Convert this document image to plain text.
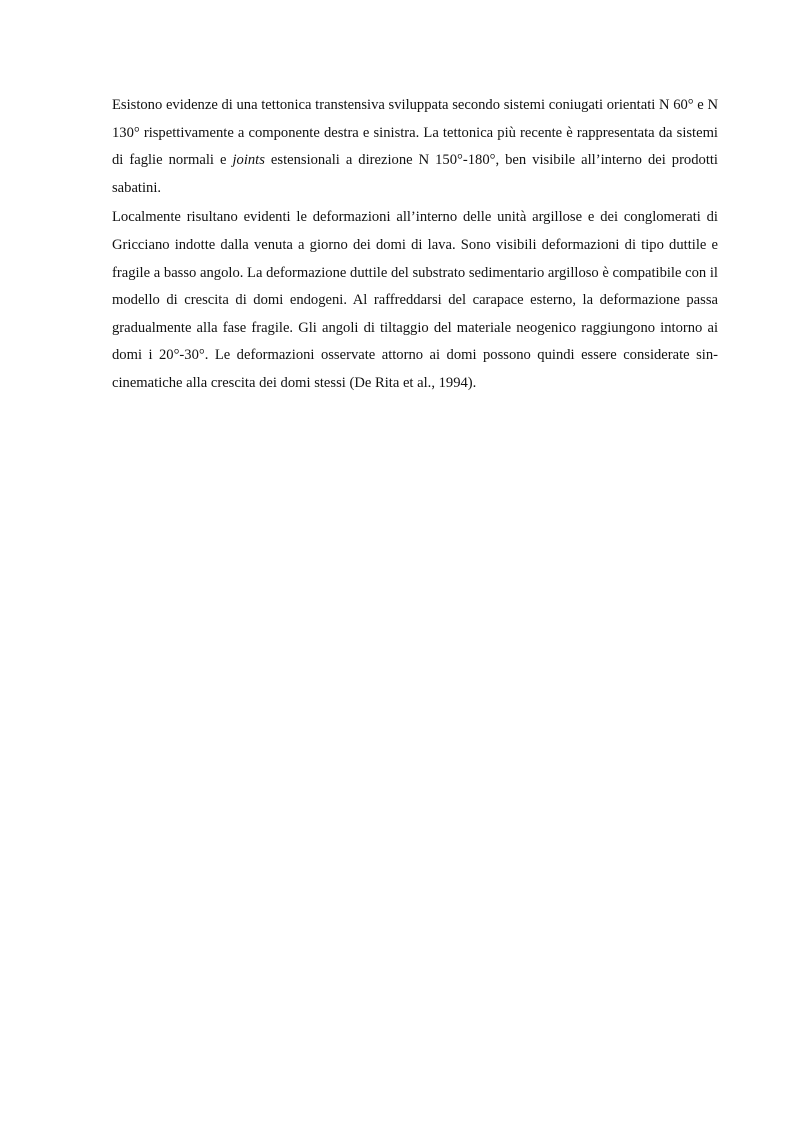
Esistono evidenze di una tettonica transtensiva sviluppata secondo sistemi coniugati orientati N 60° e N 130° rispettivamente a componente destra e sinistra. La tettonica più recente è rappresentata da sistemi di faglie normali e joints estensionali a direzione N 150°-180°, ben visibile all’interno dei prodotti sabatini.

Localmente risultano evidenti le deformazioni all’interno delle unità argillose e dei conglomerati di Gricciano indotte dalla venuta a giorno dei domi di lava. Sono visibili deformazioni di tipo duttile e fragile a basso angolo. La deformazione duttile del substrato sedimentario argilloso è compatibile con il modello di crescita di domi endogeni. Al raffreddarsi del carapace esterno, la deformazione passa gradualmente alla fase fragile. Gli angoli di tiltaggio del materiale neogenico raggiungono intorno ai domi i 20°-30°. Le deformazioni osservate attorno ai domi possono quindi essere considerate sin-cinematiche alla crescita dei domi stessi (De Rita et al., 1994).
